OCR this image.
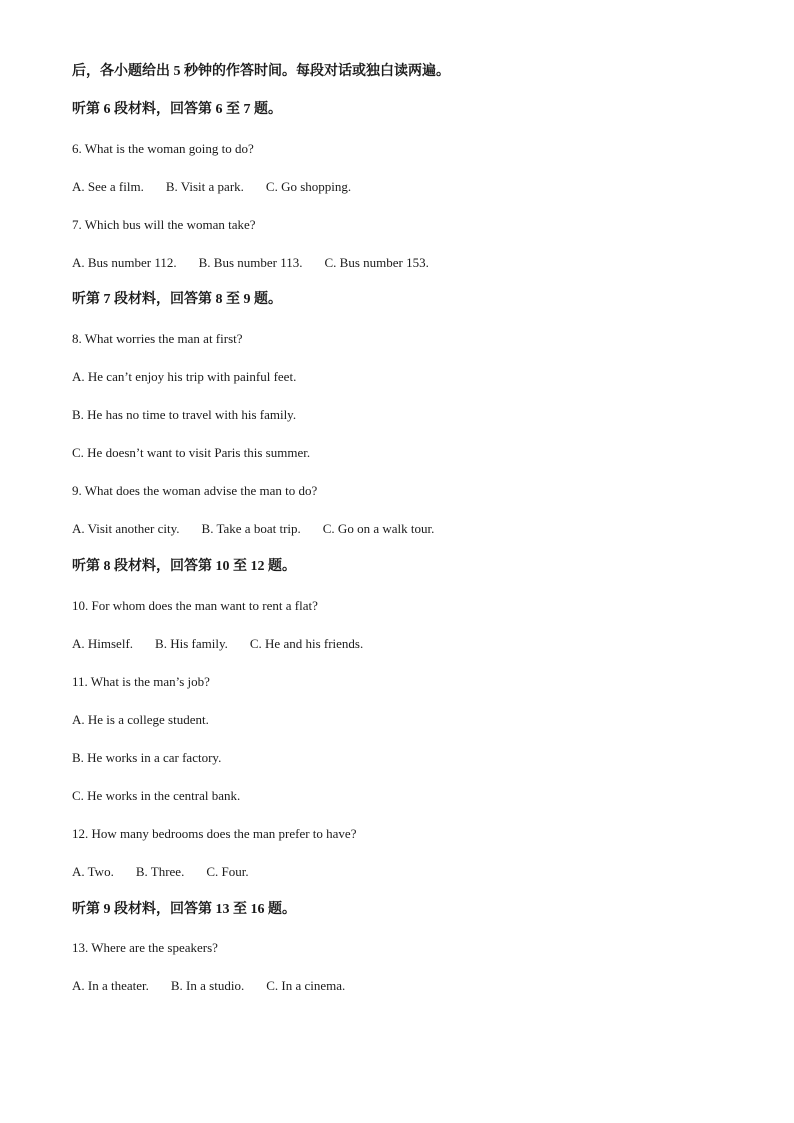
后，各小题给出 5 秒钟的作答时间。每段对话或独白读两遍。
听第 6 段材料，回答第 6 至 7 题。
6. What is the woman going to do?
A. See a film. B. Visit a park. C. Go shopping.
7. Which bus will the woman take?
A. Bus number 112. B. Bus number 113. C. Bus number 153.
听第 7 段材料，回答第 8 至 9 题。
8. What worries the man at first?
A. He can’t enjoy his trip with painful feet.
B. He has no time to travel with his family.
C. He doesn’t want to visit Paris this summer.
9. What does the woman advise the man to do?
A. Visit another city. B. Take a boat trip. C. Go on a walk tour.
听第 8 段材料，回答第 10 至 12 题。
10. For whom does the man want to rent a flat?
A. Himself. B. His family. C. He and his friends.
11. What is the man’s job?
A. He is a college student.
B. He works in a car factory.
C. He works in the central bank.
12. How many bedrooms does the man prefer to have?
A. Two. B. Three. C. Four.
听第 9 段材料，回答第 13 至 16 题。
13. Where are the speakers?
A. In a theater. B. In a studio. C. In a cinema.
